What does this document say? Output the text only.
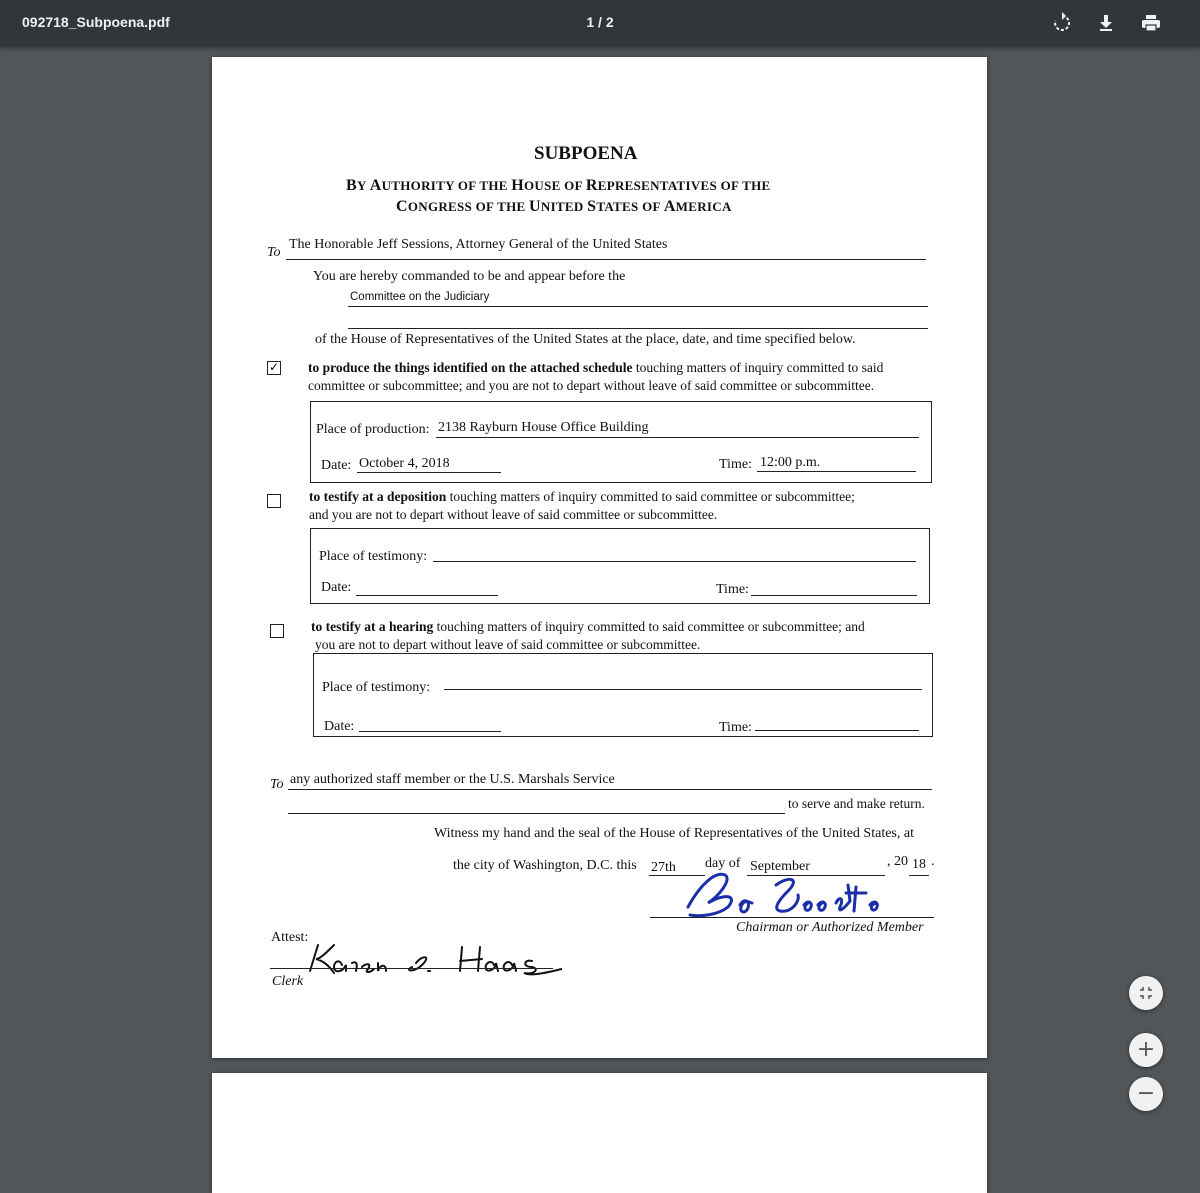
092718_Subpoena.pdf	1 / 2
SUBPOENA
BY AUTHORITY OF THE HOUSE OF REPRESENTATIVES OF THE
CONGRESS OF THE UNITED STATES OF AMERICA
To
The Honorable Jeff Sessions, Attorney General of the United States
You are hereby commanded to be and appear before the
Committee on the Judiciary
of the House of Representatives of the United States at the place, date, and time specified below.
✓ to produce the things identified on the attached schedule touching matters of inquiry committed to said
committee or subcommittee; and you are not to depart without leave of said committee or subcommittee.
Place of production: 2138 Rayburn House Office Building
Date: October 4, 2018	Time: 12:00 p.m.
to testify at a deposition touching matters of inquiry committed to said committee or subcommittee;
and you are not to depart without leave of said committee or subcommittee.
Place of testimony:
Date:	Time:
to testify at a hearing touching matters of inquiry committed to said committee or subcommittee; and
you are not to depart without leave of said committee or subcommittee.
Place of testimony:
Date:	Time:
To any authorized staff member or the U.S. Marshals Service
to serve and make return.
Witness my hand and the seal of the House of Representatives of the United States, at
the city of Washington, D.C. this 27th day of September	, 20 18 .
Chairman or Authorized Member
Attest:
Clerk
+
−
